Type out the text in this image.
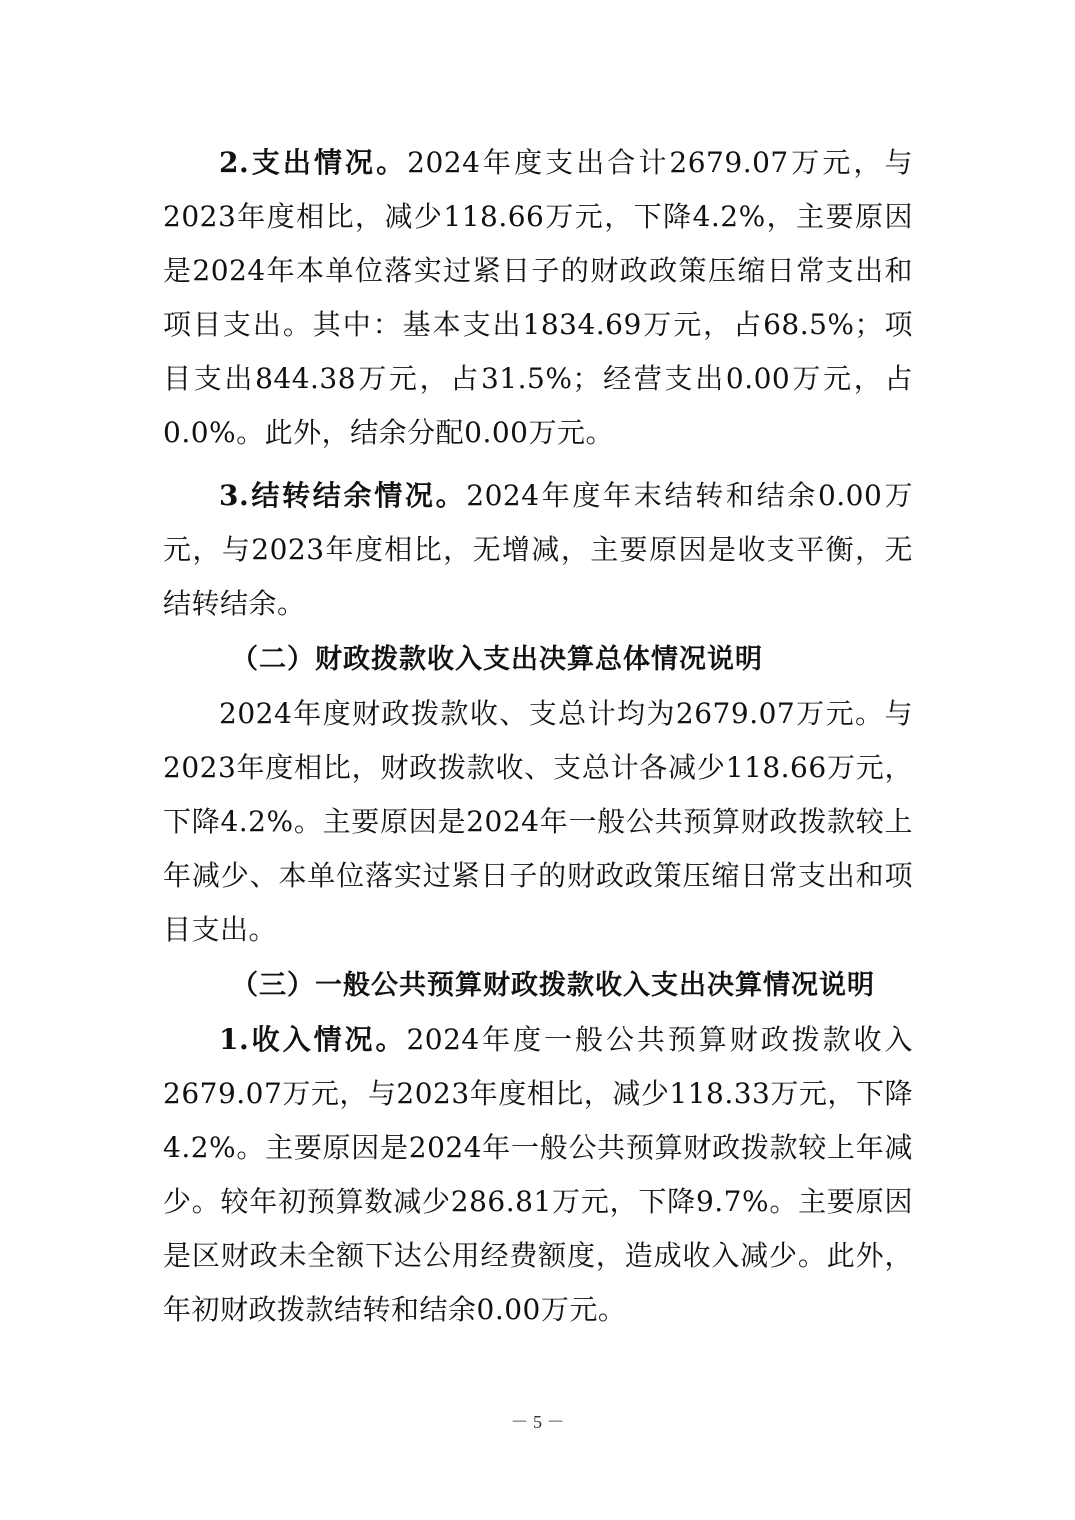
2.支出情况。2024年度支出合计2679.07万元，与2023年度相比，减少118.66万元，下降4.2%，主要原因是2024年本单位落实过紧日子的财政政策压缩日常支出和项目支出。其中：基本支出1834.69万元，占68.5%；项目支出844.38万元，占31.5%；经营支出0.00万元，占0.0%。此外，结余分配0.00万元。

3.结转结余情况。2024年度年末结转和结余0.00万元，与2023年度相比，无增减，主要原因是收支平衡，无结转结余。

（二）财政拨款收入支出决算总体情况说明

2024年度财政拨款收、支总计均为2679.07万元。与2023年度相比，财政拨款收、支总计各减少118.66万元，下降4.2%。主要原因是2024年一般公共预算财政拨款较上年减少、本单位落实过紧日子的财政政策压缩日常支出和项目支出。

（三）一般公共预算财政拨款收入支出决算情况说明

1.收入情况。2024年度一般公共预算财政拨款收入2679.07万元，与2023年度相比，减少118.33万元，下降4.2%。主要原因是2024年一般公共预算财政拨款较上年减少。较年初预算数减少286.81万元，下降9.7%。主要原因是区财政未全额下达公用经费额度，造成收入减少。此外，年初财政拨款结转和结余0.00万元。

－ 5 －
